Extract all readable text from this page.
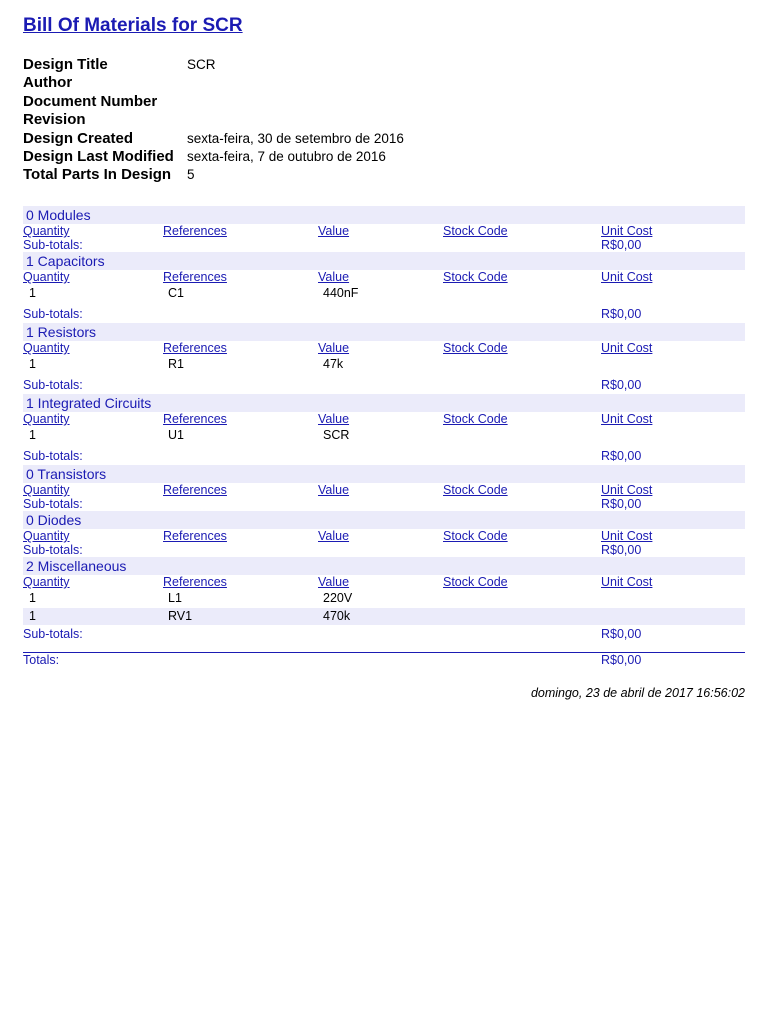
Bill Of Materials for SCR
Design Title	SCR
Author
Document Number
Revision
Design Created	sexta-feira, 30 de setembro de 2016
Design Last Modified sexta-feira, 7 de outubro de 2016
Total Parts In Design	5
0 Modules
Quantity	References	Value	Stock Code	Unit Cost
Sub-totals:	R$0,00
1 Capacitors
Quantity	References	Value	Stock Code	Unit Cost
1	C1	440nF
Sub-totals:	R$0,00
1 Resistors
Quantity	References	Value	Stock Code	Unit Cost
1	R1	47k
Sub-totals:	R$0,00
1 Integrated Circuits
Quantity	References	Value	Stock Code	Unit Cost
1	U1	SCR
Sub-totals:	R$0,00
0 Transistors
Quantity	References	Value	Stock Code	Unit Cost
Sub-totals:	R$0,00
0 Diodes
Quantity	References	Value	Stock Code	Unit Cost
Sub-totals:	R$0,00
2 Miscellaneous
Quantity	References	Value	Stock Code	Unit Cost
1	L1	220V
1	RV1	470k
Sub-totals:	R$0,00
Totals:	R$0,00
domingo, 23 de abril de 2017 16:56:02
